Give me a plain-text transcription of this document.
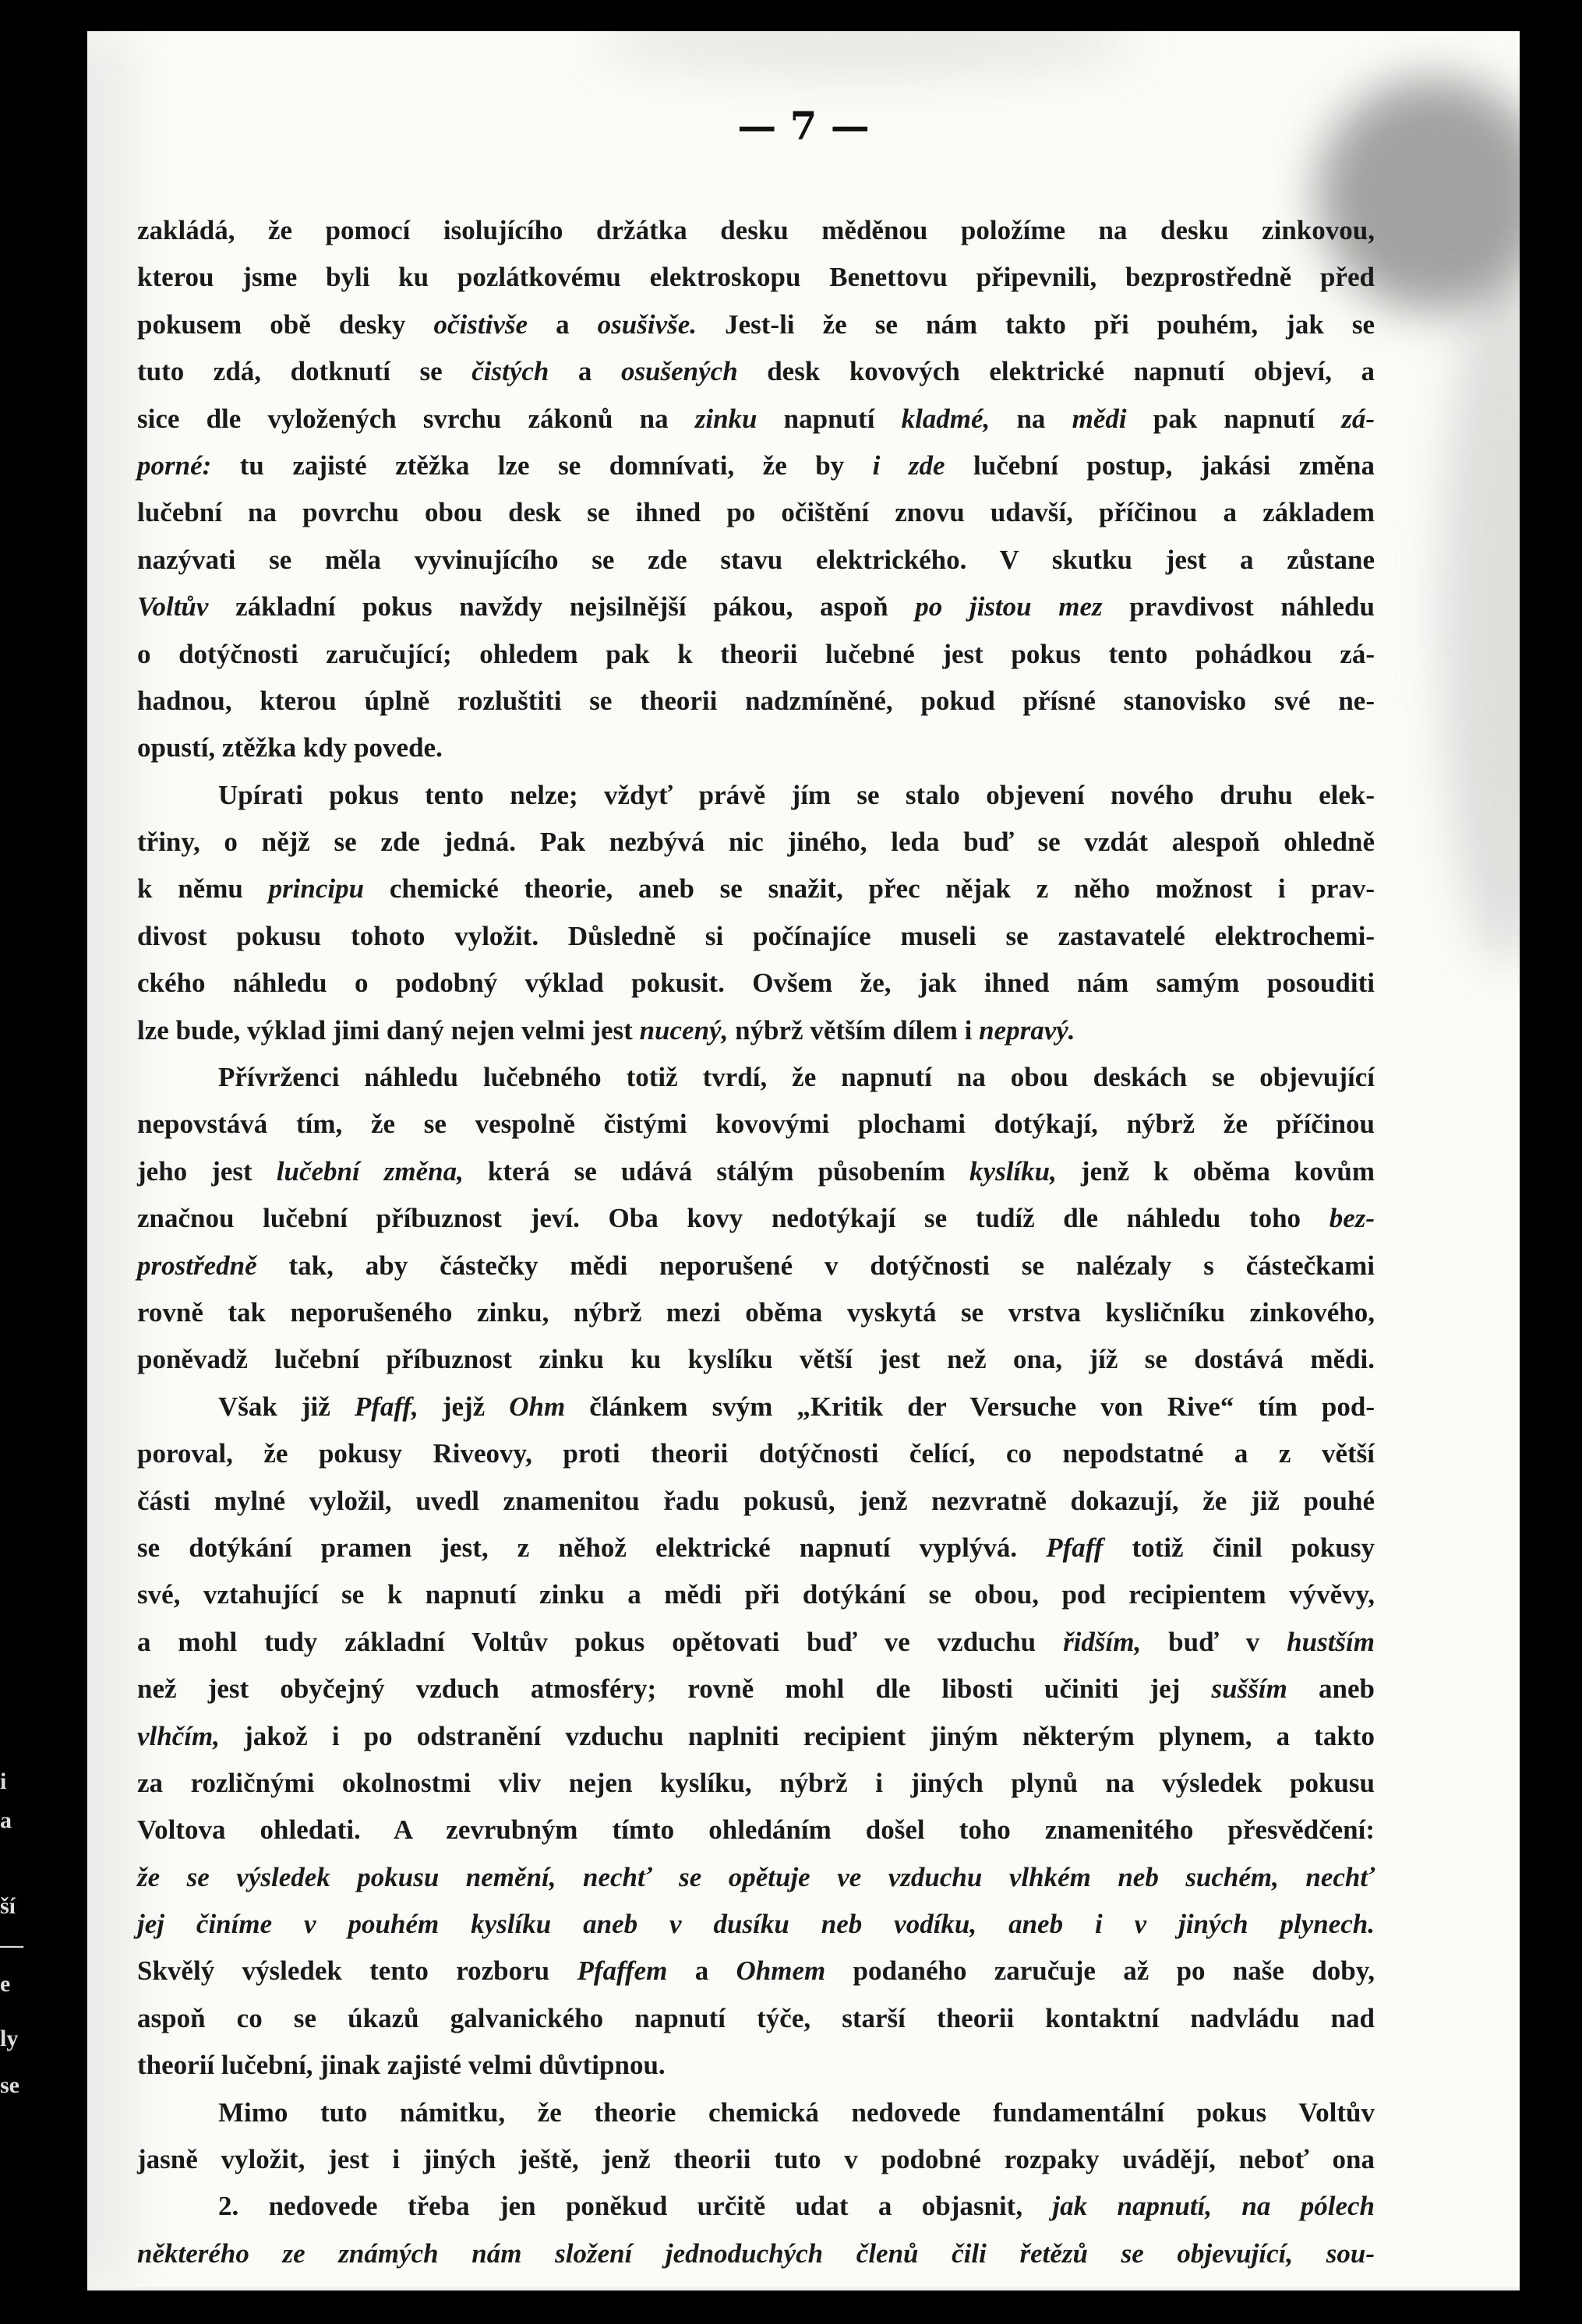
— 7 —
zakládá, že pomocí isolujícího držátka desku měděnou položíme na desku zinkovou,
kterou jsme byli ku pozlátkovému elektroskopu Benettovu připevnili, bezprostředně před
pokusem obě desky očistivše a osušivše. Jest-li že se nám takto při pouhém, jak se
tuto zdá, dotknutí se čistých a osušených desk kovových elektrické napnutí objeví, a
sice dle vyložených svrchu zákonů na zinku napnutí kladmé, na mědi pak napnutí zá-
porné: tu zajisté ztěžka lze se domnívati, že by i zde lučební postup, jakási změna
lučební na povrchu obou desk se ihned po očištění znovu udavší, příčinou a základem
nazývati se měla vyvinujícího se zde stavu elektrického. V skutku jest a zůstane
Voltův základní pokus navždy nejsilnější pákou, aspoň po jistou mez pravdivost náhledu
o dotýčnosti zaručující; ohledem pak k theorii lučebné jest pokus tento pohádkou zá-
hadnou, kterou úplně rozluštiti se theorii nadzmíněné, pokud přísné stanovisko své ne-
opustí, ztěžka kdy povede.
Upírati pokus tento nelze; vždyť právě jím se stalo objevení nového druhu elek-
třiny, o nějž se zde jedná. Pak nezbývá nic jiného, leda buď se vzdát alespoň ohledně
k němu principu chemické theorie, aneb se snažit, přec nějak z něho možnost i prav-
divost pokusu tohoto vyložit. Důsledně si počínajíce museli se zastavatelé elektrochemi-
ckého náhledu o podobný výklad pokusit. Ovšem že, jak ihned nám samým posouditi
lze bude, výklad jimi daný nejen velmi jest nucený, nýbrž větším dílem i nepravý.
Přívrženci náhledu lučebného totiž tvrdí, že napnutí na obou deskách se objevující
nepovstává tím, že se vespolně čistými kovovými plochami dotýkají, nýbrž že příčinou
jeho jest lučební změna, která se udává stálým působením kyslíku, jenž k oběma kovům
značnou lučební příbuznost jeví. Oba kovy nedotýkají se tudíž dle náhledu toho bez-
prostředně tak, aby částečky mědi neporušené v dotýčnosti se nalézaly s částečkami
rovně tak neporušeného zinku, nýbrž mezi oběma vyskytá se vrstva kysličníku zinkového,
poněvadž lučební příbuznost zinku ku kyslíku větší jest než ona, jíž se dostává mědi.
Však již Pfaff, jejž Ohm článkem svým „Kritik der Versuche von Rive“ tím pod-
poroval, že pokusy Riveovy, proti theorii dotýčnosti čelící, co nepodstatné a z větší
části mylné vyložil, uvedl znamenitou řadu pokusů, jenž nezvratně dokazují, že již pouhé
se dotýkání pramen jest, z něhož elektrické napnutí vyplývá. Pfaff totiž činil pokusy
své, vztahující se k napnutí zinku a mědi při dotýkání se obou, pod recipientem vývěvy,
a mohl tudy základní Voltův pokus opětovati buď ve vzduchu řidším, buď v hustším
než jest obyčejný vzduch atmosféry; rovně mohl dle libosti učiniti jej sušším aneb
vlhčím, jakož i po odstranění vzduchu naplniti recipient jiným některým plynem, a takto
za rozličnými okolnostmi vliv nejen kyslíku, nýbrž i jiných plynů na výsledek pokusu
Voltova ohledati. A zevrubným tímto ohledáním došel toho znamenitého přesvědčení:
že se výsledek pokusu nemění, nechť se opětuje ve vzduchu vlhkém neb suchém, nechť
jej činíme v pouhém kyslíku aneb v dusíku neb vodíku, aneb i v jiných plynech.
Skvělý výsledek tento rozboru Pfaffem a Ohmem podaného zaručuje až po naše doby,
aspoň co se úkazů galvanického napnutí týče, starší theorii kontaktní nadvládu nad
theorií lučební, jinak zajisté velmi důvtipnou.
Mimo tuto námitku, že theorie chemická nedovede fundamentální pokus Voltův
jasně vyložit, jest i jiných ještě, jenž theorii tuto v podobné rozpaky uvádějí, neboť ona
2. nedovede třeba jen poněkud určitě udat a objasnit, jak napnutí, na pólech
některého ze známých nám složení jednoduchých členů čili řetězů se objevující, sou-
i
a
ší
—
e
ly
se
